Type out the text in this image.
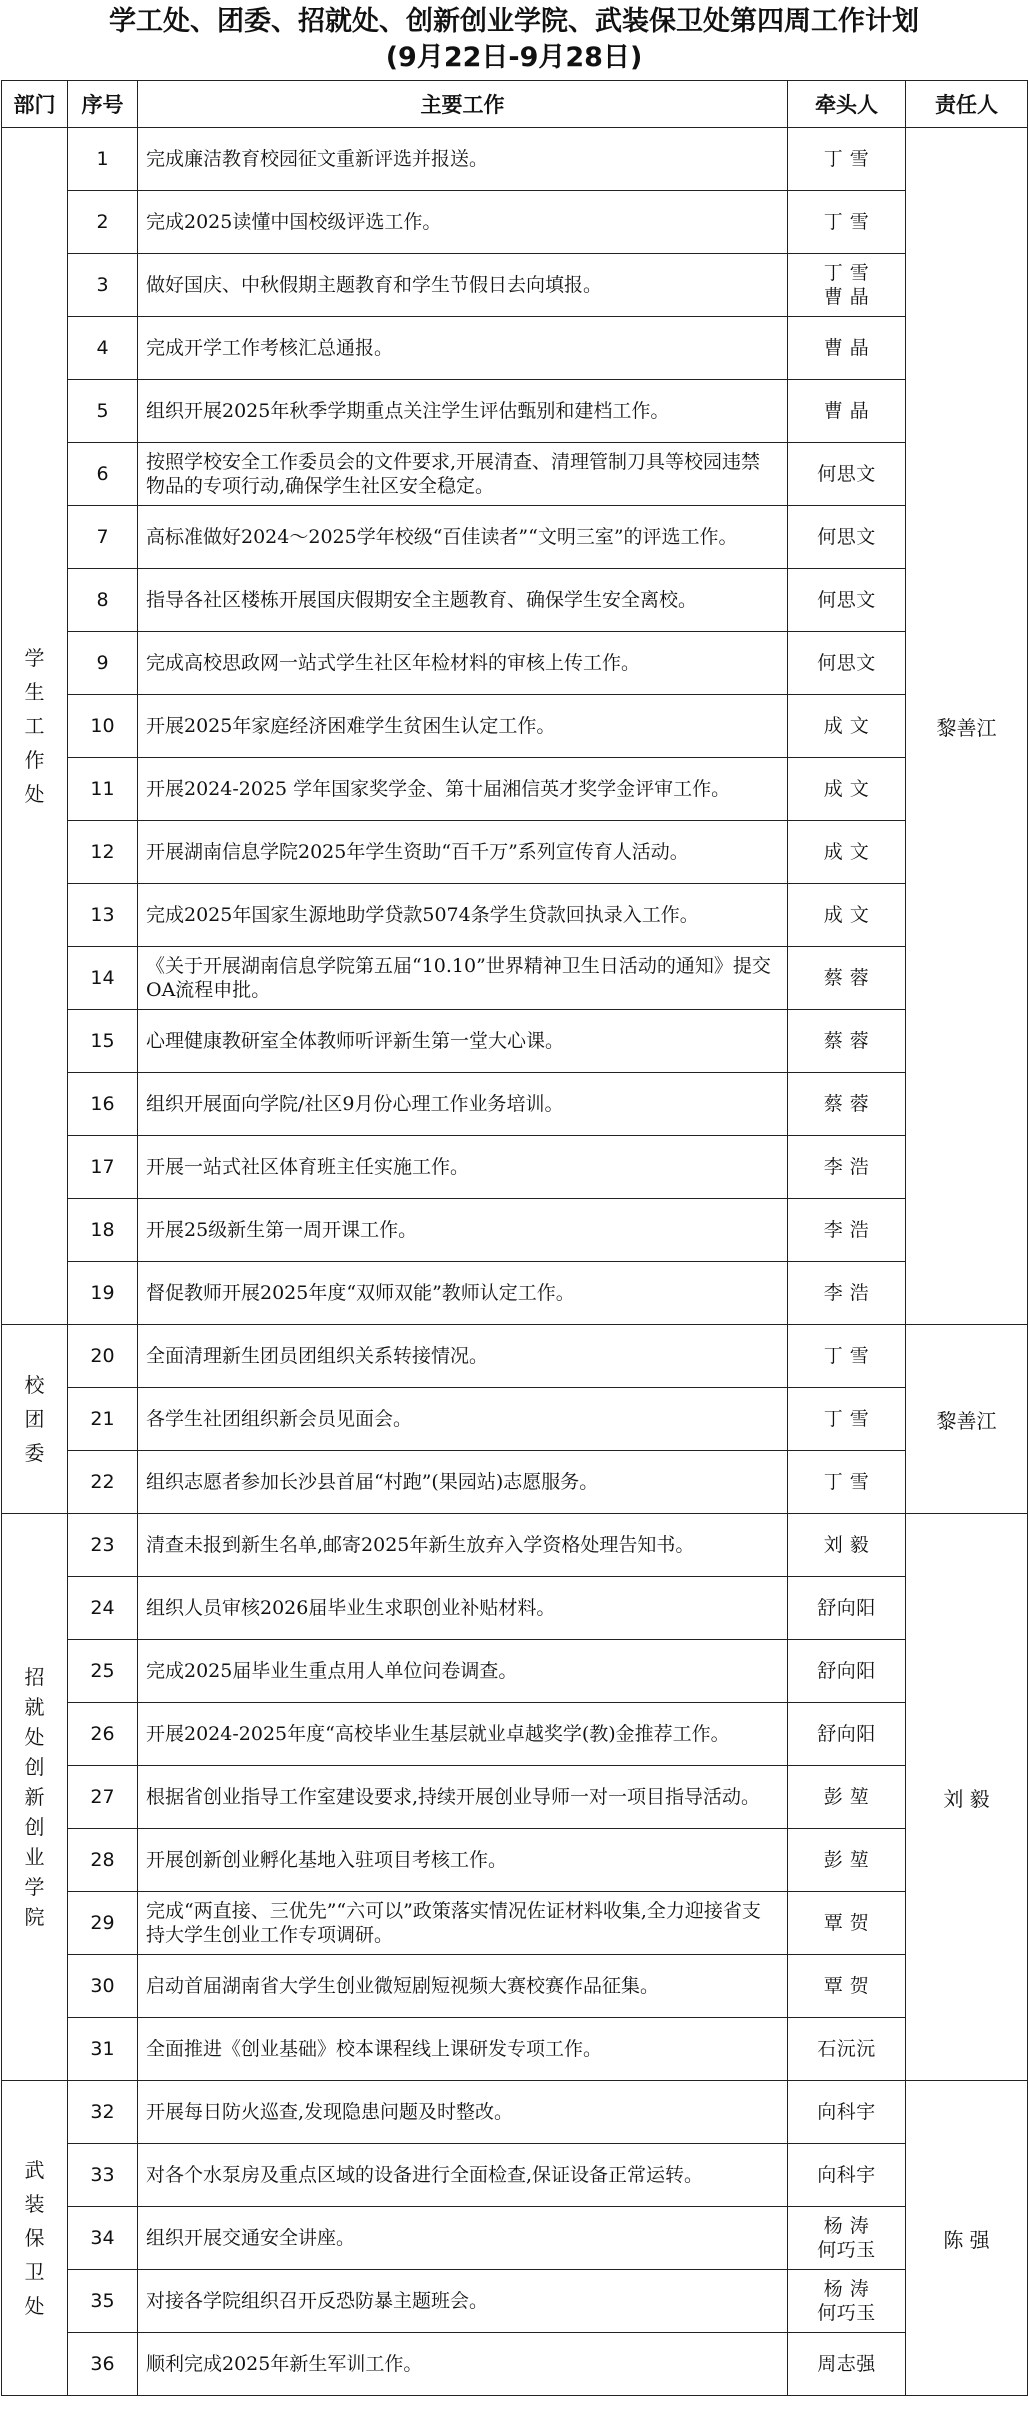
学工处、团委、招就处、创新创业学院、武装保卫处第四周工作计划
(9月22日-9月28日)
部门	序号	主要工作	牵头人	责任人
学生工作处	1	完成廉洁教育校园征文重新评选并报送。	丁 雪	黎善江
	2	完成2025读懂中国校级评选工作。	丁 雪	

	3	做好国庆、中秋假期主题教育和学生节假日去向填报。	丁 雪
曹 晶	

	4	完成开学工作考核汇总通报。	曹 晶	

	5	组织开展2025年秋季学期重点关注学生评估甄别和建档工作。	曹 晶	

	6	按照学校安全工作委员会的文件要求,开展清查、清理管制刀具等校园违禁物品的专项行动,确保学生社区安全稳定。	何思文	

	7	高标准做好2024～2025学年校级“百佳读者”“文明三室”的评选工作。	何思文	

	8	指导各社区楼栋开展国庆假期安全主题教育、确保学生安全离校。	何思文	

	9	完成高校思政网一站式学生社区年检材料的审核上传工作。	何思文	

	10	开展2025年家庭经济困难学生贫困生认定工作。	成 文	

	11	开展2024-2025 学年国家奖学金、第十届湘信英才奖学金评审工作。	成 文	

	12	开展湖南信息学院2025年学生资助“百千万”系列宣传育人活动。	成 文	

	13	完成2025年国家生源地助学贷款5074条学生贷款回执录入工作。	成 文	

	14	《关于开展湖南信息学院第五届“10.10”世界精神卫生日活动的通知》提交OA流程申批。	蔡 蓉	

	15	心理健康教研室全体教师听评新生第一堂大心课。	蔡 蓉	

	16	组织开展面向学院/社区9月份心理工作业务培训。	蔡 蓉	

	17	开展一站式社区体育班主任实施工作。	李 浩	

	18	开展25级新生第一周开课工作。	李 浩	

	19	督促教师开展2025年度“双师双能”教师认定工作。	李 浩	

校团委	20	全面清理新生团员团组织关系转接情况。	丁 雪	黎善江
	21	各学生社团组织新会员见面会。	丁 雪	

	22	组织志愿者参加长沙县首届“村跑”(果园站)志愿服务。	丁 雪	

招就处创新创业学院	23	清查未报到新生名单,邮寄2025年新生放弃入学资格处理告知书。	刘 毅	刘 毅
	24	组织人员审核2026届毕业生求职创业补贴材料。	舒向阳	

	25	完成2025届毕业生重点用人单位问卷调查。	舒向阳	

	26	开展2024-2025年度“高校毕业生基层就业卓越奖学(教)金推荐工作。	舒向阳	

	27	根据省创业指导工作室建设要求,持续开展创业导师一对一项目指导活动。	彭 堃	

	28	开展创新创业孵化基地入驻项目考核工作。	彭 堃	

	29	完成“两直接、三优先”“六可以”政策落实情况佐证材料收集,全力迎接省支持大学生创业工作专项调研。	覃 贺	

	30	启动首届湖南省大学生创业微短剧短视频大赛校赛作品征集。	覃 贺	

	31	全面推进《创业基础》校本课程线上课研发专项工作。	石沅沅	

武装保卫处	32	开展每日防火巡查,发现隐患问题及时整改。	向科宇	陈 强
	33	对各个水泵房及重点区域的设备进行全面检查,保证设备正常运转。	向科宇	

	34	组织开展交通安全讲座。	杨 涛
何巧玉	

	35	对接各学院组织召开反恐防暴主题班会。	杨 涛
何巧玉	

	36	顺利完成2025年新生军训工作。	周志强	
